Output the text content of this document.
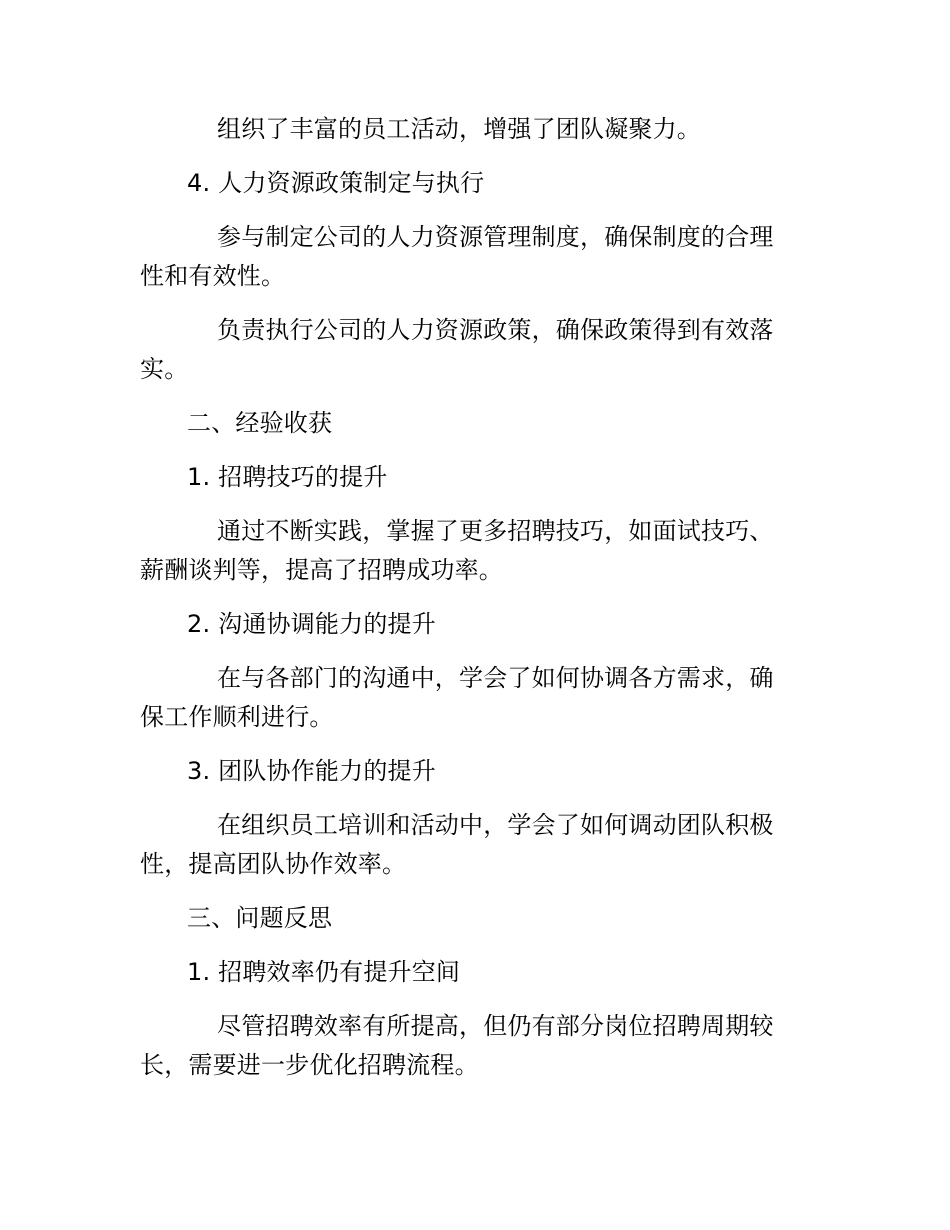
组织了丰富的员工活动，增强了团队凝聚力。

4. 人力资源政策制定与执行

参与制定公司的人力资源管理制度，确保制度的合理性和有效性。

负责执行公司的人力资源政策，确保政策得到有效落实。

二、经验收获

1. 招聘技巧的提升

通过不断实践，掌握了更多招聘技巧，如面试技巧、薪酬谈判等，提高了招聘成功率。

2. 沟通协调能力的提升

在与各部门的沟通中，学会了如何协调各方需求，确保工作顺利进行。

3. 团队协作能力的提升

在组织员工培训和活动中，学会了如何调动团队积极性，提高团队协作效率。

三、问题反思

1. 招聘效率仍有提升空间

尽管招聘效率有所提高，但仍有部分岗位招聘周期较长，需要进一步优化招聘流程。
